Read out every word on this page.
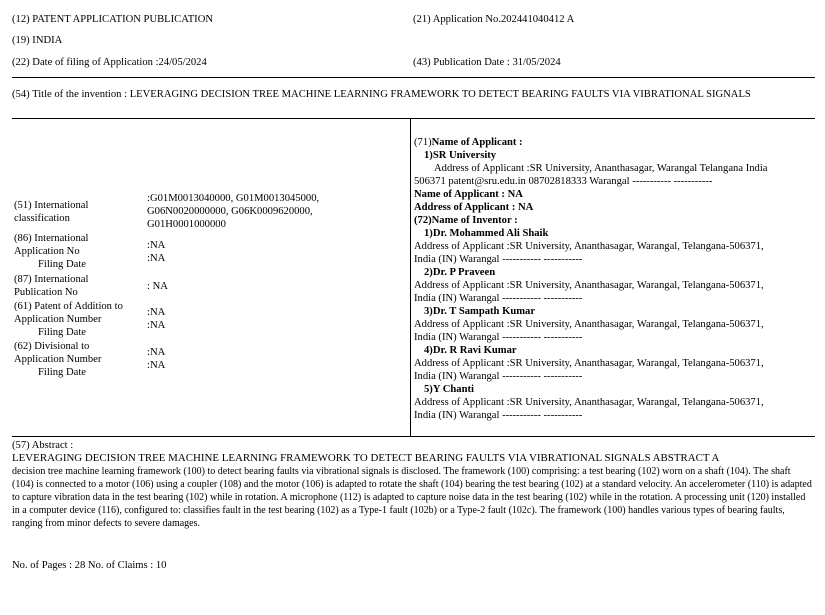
(12) PATENT APPLICATION PUBLICATION	(21) Application No.202441040412 A
(19) INDIA
(22) Date of filing of Application :24/05/2024	(43) Publication Date : 31/05/2024
(54) Title of the invention : LEVERAGING DECISION TREE MACHINE LEARNING FRAMEWORK TO DETECT BEARING FAULTS VIA VIBRATIONAL SIGNALS
(51) International
classification
:G01M0013040000, G01M0013045000,
G06N0020000000, G06K0009620000,
G01H0001000000
(86) International
Application No
Filing Date
:NA
:NA
(87) International
Publication No
: NA
(61) Patent of Addition to
Application Number
Filing Date
:NA
:NA
(62) Divisional to
Application Number
Filing Date
:NA
:NA
(71)Name of Applicant :
1)SR University
Address of Applicant :SR University, Ananthasagar, Warangal Telangana India
506371 patent@sru.edu.in 08702818333 Warangal ----------- -----------
Name of Applicant : NA
Address of Applicant : NA
(72)Name of Inventor :
1)Dr. Mohammed Ali Shaik
Address of Applicant :SR University, Ananthasagar, Warangal, Telangana-506371,
India (IN) Warangal ----------- -----------
2)Dr. P Praveen
Address of Applicant :SR University, Ananthasagar, Warangal, Telangana-506371,
India (IN) Warangal ----------- -----------
3)Dr. T Sampath Kumar
Address of Applicant :SR University, Ananthasagar, Warangal, Telangana-506371,
India (IN) Warangal ----------- -----------
4)Dr. R Ravi Kumar
Address of Applicant :SR University, Ananthasagar, Warangal, Telangana-506371,
India (IN) Warangal ----------- -----------
5)Y Chanti
Address of Applicant :SR University, Ananthasagar, Warangal, Telangana-506371,
India (IN) Warangal ----------- -----------
(57) Abstract :
LEVERAGING DECISION TREE MACHINE LEARNING FRAMEWORK TO DETECT BEARING FAULTS VIA VIBRATIONAL SIGNALS ABSTRACT A
decision tree machine learning framework (100) to detect bearing faults via vibrational signals is disclosed. The framework (100) comprising: a test bearing (102) worn on a shaft (104). The shaft (104) is connected to a motor (106) using a coupler (108) and the motor (106) is adapted to rotate the shaft (104) bearing the test bearing (102) at a standard velocity. An accelerometer (110) is adapted to capture vibration data in the test bearing (102) while in rotation. A microphone (112) is adapted to capture noise data in the test bearing (102) while in the rotation. A processing unit (120) installed in a computer device (116), configured to: classifies fault in the test bearing (102) as a Type-1 fault (102b) or a Type-2 fault (102c). The framework (100) handles various types of bearing faults, ranging from minor defects to severe damages.
No. of Pages : 28 No. of Claims : 10
